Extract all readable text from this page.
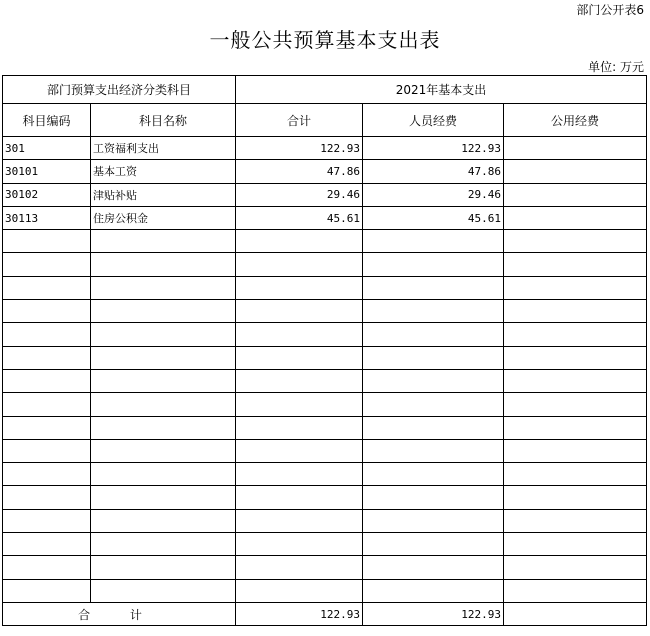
部门公开表6
一般公共预算基本支出表
单位: 万元
部门预算支出经济分类科目		2021年基本支出		
科目编码	科目名称	合计	人员经费	公用经费
301	工资福利支出	122.93	122.93	
30101	基本工资	47.86	47.86	
30102	津贴补贴	29.46	29.46	
30113	住房公积金	45.61	45.61	

合 计		122.93	122.93	
